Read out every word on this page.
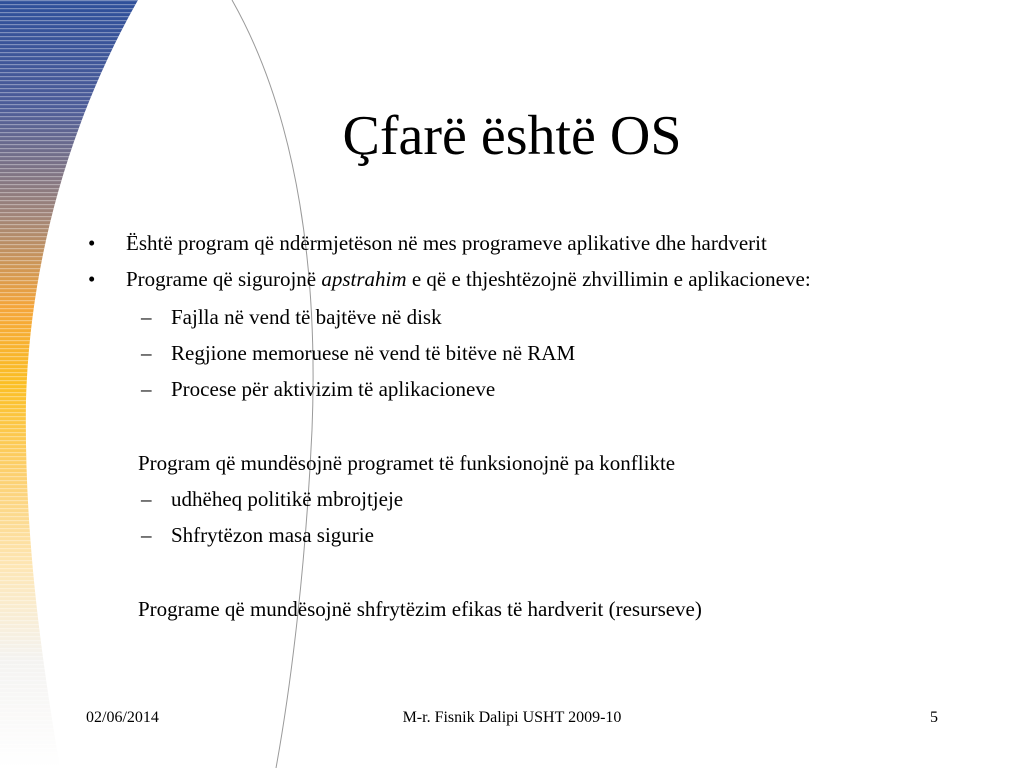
Çfarë është OS
• Është program që ndërmjetëson në mes programeve aplikative dhe hardverit
• Programe që sigurojnë apstrahim e që e thjeshtëzojnë zhvillimin e aplikacioneve:
– Fajlla në vend të bajtëve në disk
– Regjione memoruese në vend të bitëve në RAM
– Procese për aktivizim të aplikacioneve
Program që mundësojnë programet të funksionojnë pa konflikte
– udhëheq politikë mbrojtjeje
– Shfrytëzon masa sigurie
Programe që mundësojnë shfrytëzim efikas të hardverit (resurseve)
02/06/2014	M-r. Fisnik Dalipi USHT 2009-10	5
